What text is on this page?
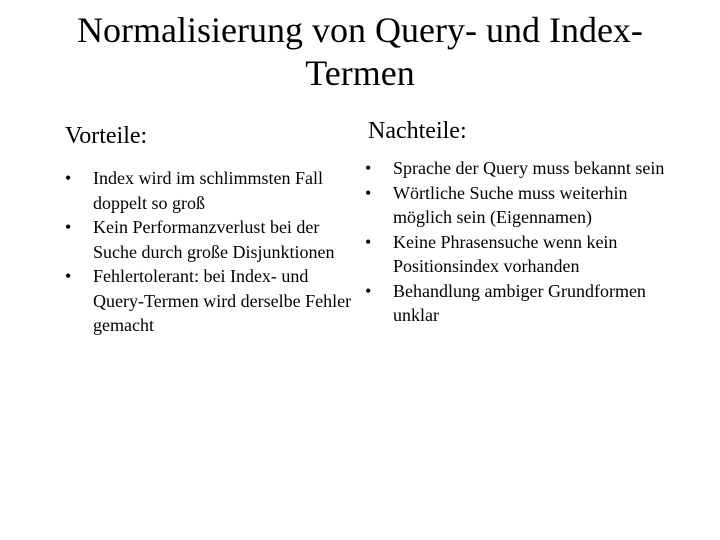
Normalisierung von Query- und Index-Termen
Vorteile:
•	Index wird im schlimmsten Fall doppelt so groß
•	Kein Performanzverlust bei der Suche durch große Disjunktionen
•	Fehlertolerant: bei Index- und Query-Termen wird derselbe Fehler gemacht
Nachteile:
•	Sprache der Query muss bekannt sein
•	Wörtliche Suche muss weiterhin möglich sein (Eigennamen)
•	Keine Phrasensuche wenn kein Positionsindex vorhanden
•	Behandlung ambiger Grundformen unklar
